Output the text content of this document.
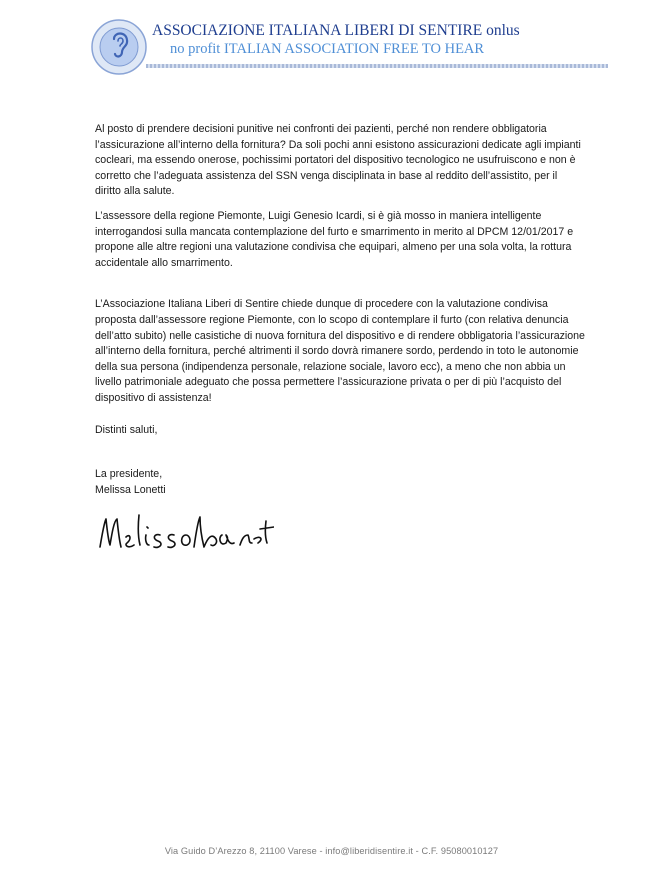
ASSOCIAZIONE ITALIANA LIBERI DI SENTIRE onlus
no profit ITALIAN ASSOCIATION FREE TO HEAR

Al posto di prendere decisioni punitive nei confronti dei pazienti, perché non rendere obbligatoria l’assicurazione all’interno della fornitura? Da soli pochi anni esistono assicurazioni dedicate agli impianti cocleari, ma essendo onerose, pochissimi portatori del dispositivo tecnologico ne usufruiscono e non è corretto che l’adeguata assistenza del SSN venga disciplinata in base al reddito dell’assistito, per il diritto alla salute.

L’assessore della regione Piemonte, Luigi Genesio Icardi, si è già mosso in maniera intelligente interrogandosi sulla mancata contemplazione del furto e smarrimento in merito al DPCM 12/01/2017 e propone alle altre regioni una valutazione condivisa che equipari, almeno per una sola volta, la rottura accidentale allo smarrimento.

L’Associazione Italiana Liberi di Sentire chiede dunque di procedere con la valutazione condivisa proposta dall’assessore regione Piemonte, con lo scopo di contemplare il furto (con relativa denuncia dell’atto subito) nelle casistiche di nuova fornitura del dispositivo e di rendere obbligatoria l’assicurazione all’interno della fornitura, perché altrimenti il sordo dovrà rimanere sordo, perdendo in toto le autonomie della sua persona (indipendenza personale, relazione sociale, lavoro ecc), a meno che non abbia un livello patrimoniale adeguato che possa permettere l’assicurazione privata o per di più l’acquisto del dispositivo di assistenza!

Distinti saluti,
La presidente,
Melissa Lonetti
Via Guido D’Arezzo 8, 21100 Varese - info@liberidisentire.it - C.F. 95080010127
